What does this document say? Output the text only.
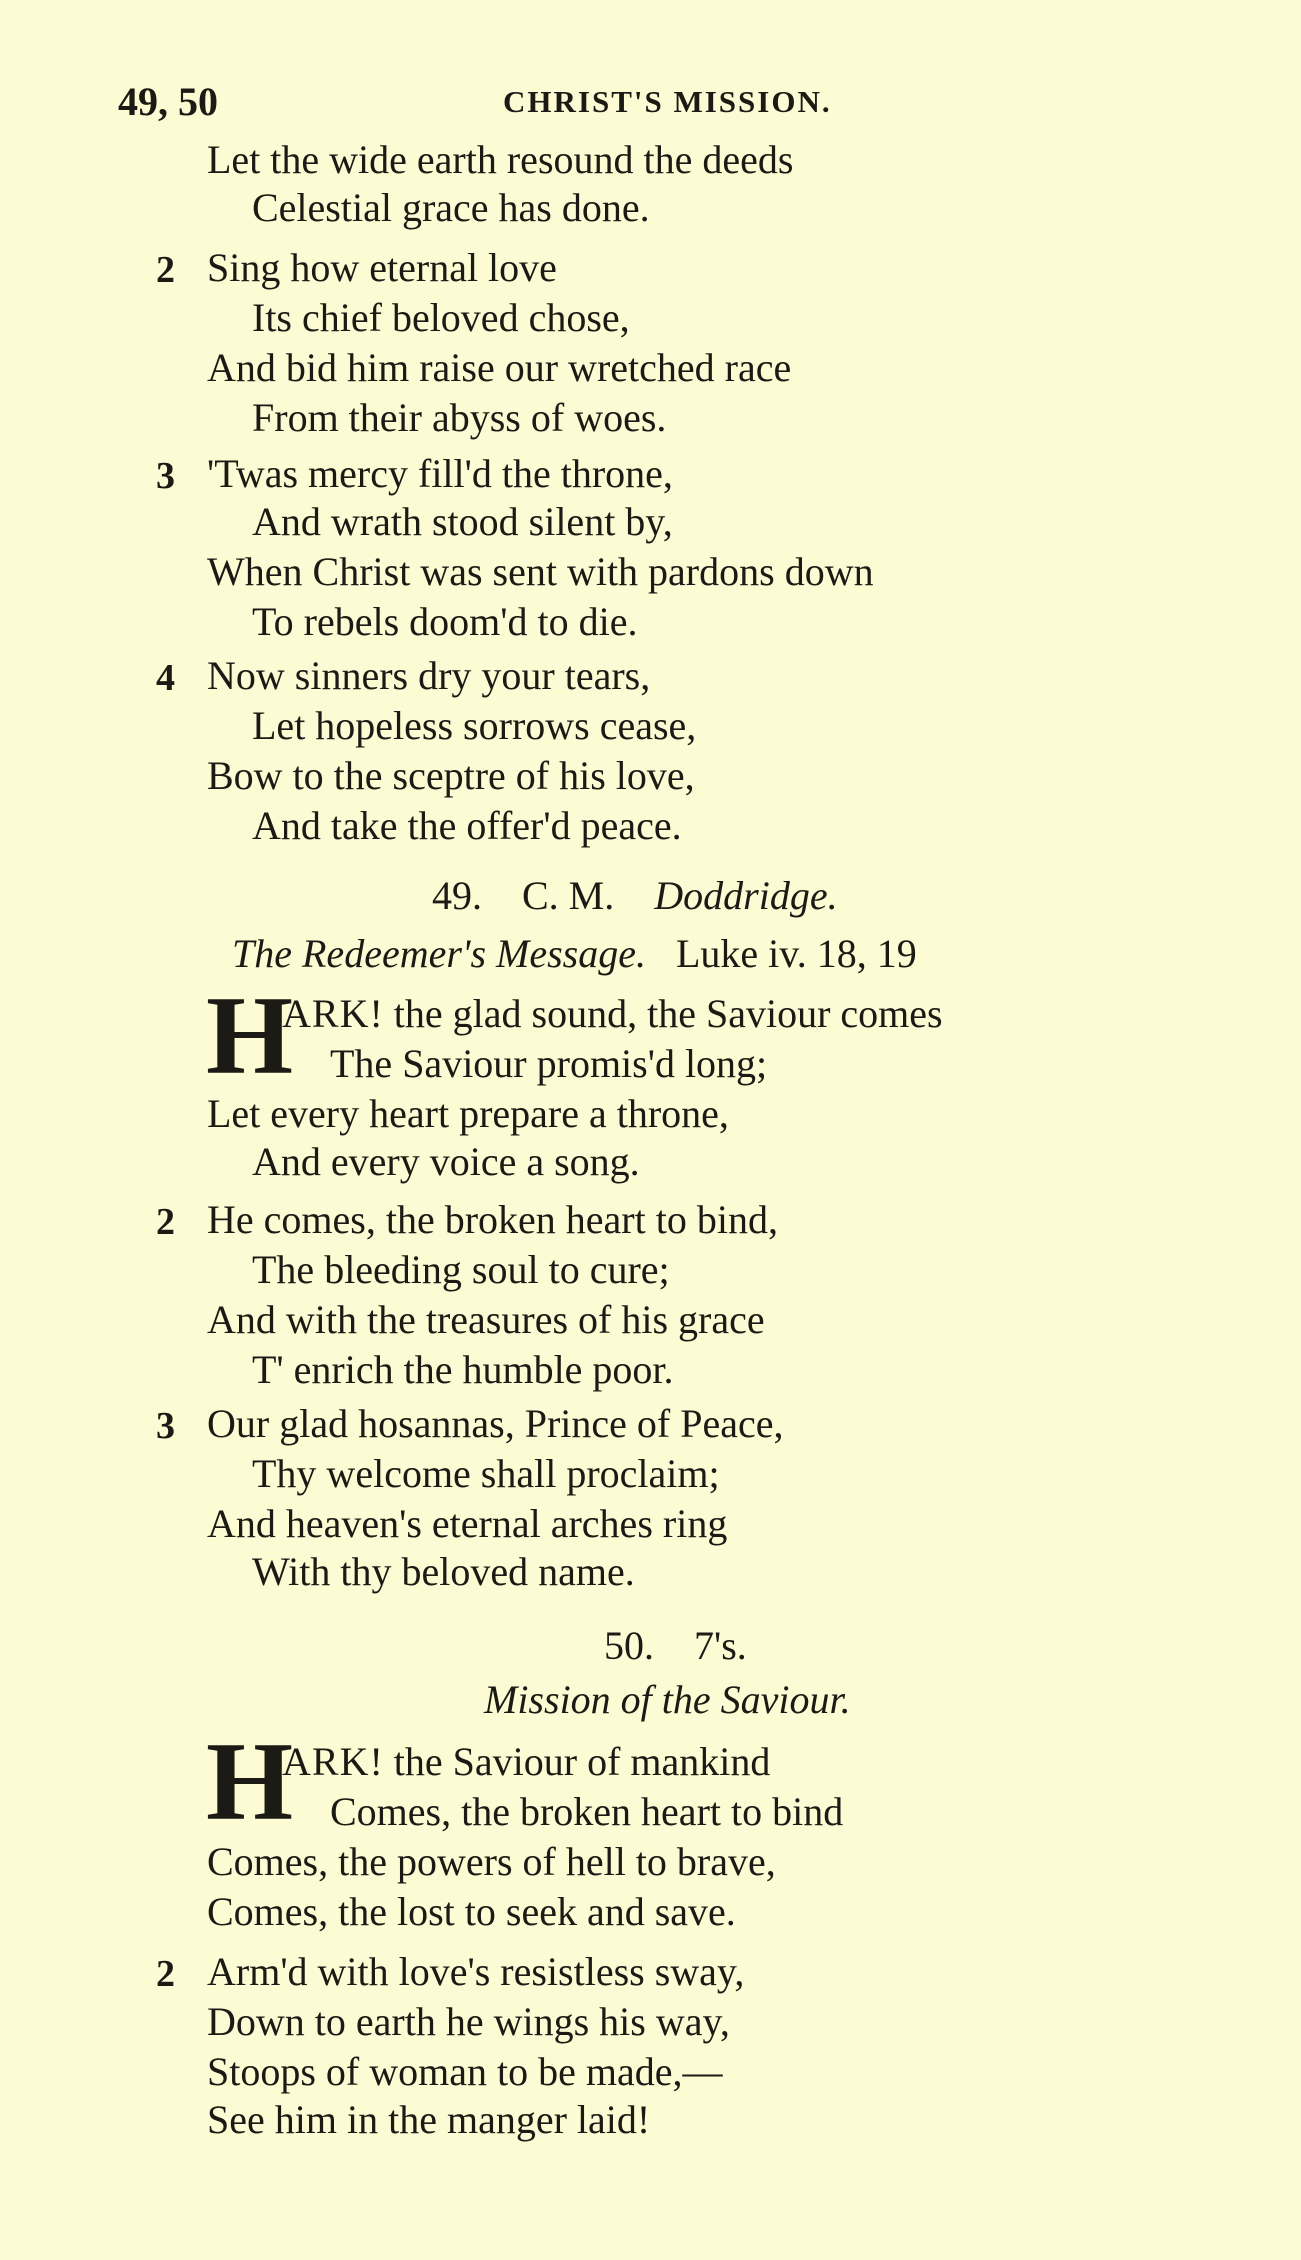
49, 50	CHRIST'S MISSION.
Let the wide earth resound the deeds
Celestial grace has done.
2 Sing how eternal love
Its chief beloved chose,
And bid him raise our wretched race
From their abyss of woes.
3 'Twas mercy fill'd the throne,
And wrath stood silent by,
When Christ was sent with pardons down
To rebels doom'd to die.
4 Now sinners dry your tears,
Let hopeless sorrows cease,
Bow to the sceptre of his love,
And take the offer'd peace.
49. C. M. Doddridge.
The Redeemer's Message. Luke iv. 18, 19
H
ARK! the glad sound, the Saviour comes
The Saviour promis'd long;
Let every heart prepare a throne,
And every voice a song.
2 He comes, the broken heart to bind,
The bleeding soul to cure;
And with the treasures of his grace
T' enrich the humble poor.
3 Our glad hosannas, Prince of Peace,
Thy welcome shall proclaim;
And heaven's eternal arches ring
With thy beloved name.
50. 7's.
Mission of the Saviour.
H
ARK! the Saviour of mankind
Comes, the broken heart to bind
Comes, the powers of hell to brave,
Comes, the lost to seek and save.
2 Arm'd with love's resistless sway,
Down to earth he wings his way,
Stoops of woman to be made,—
See him in the manger laid!
